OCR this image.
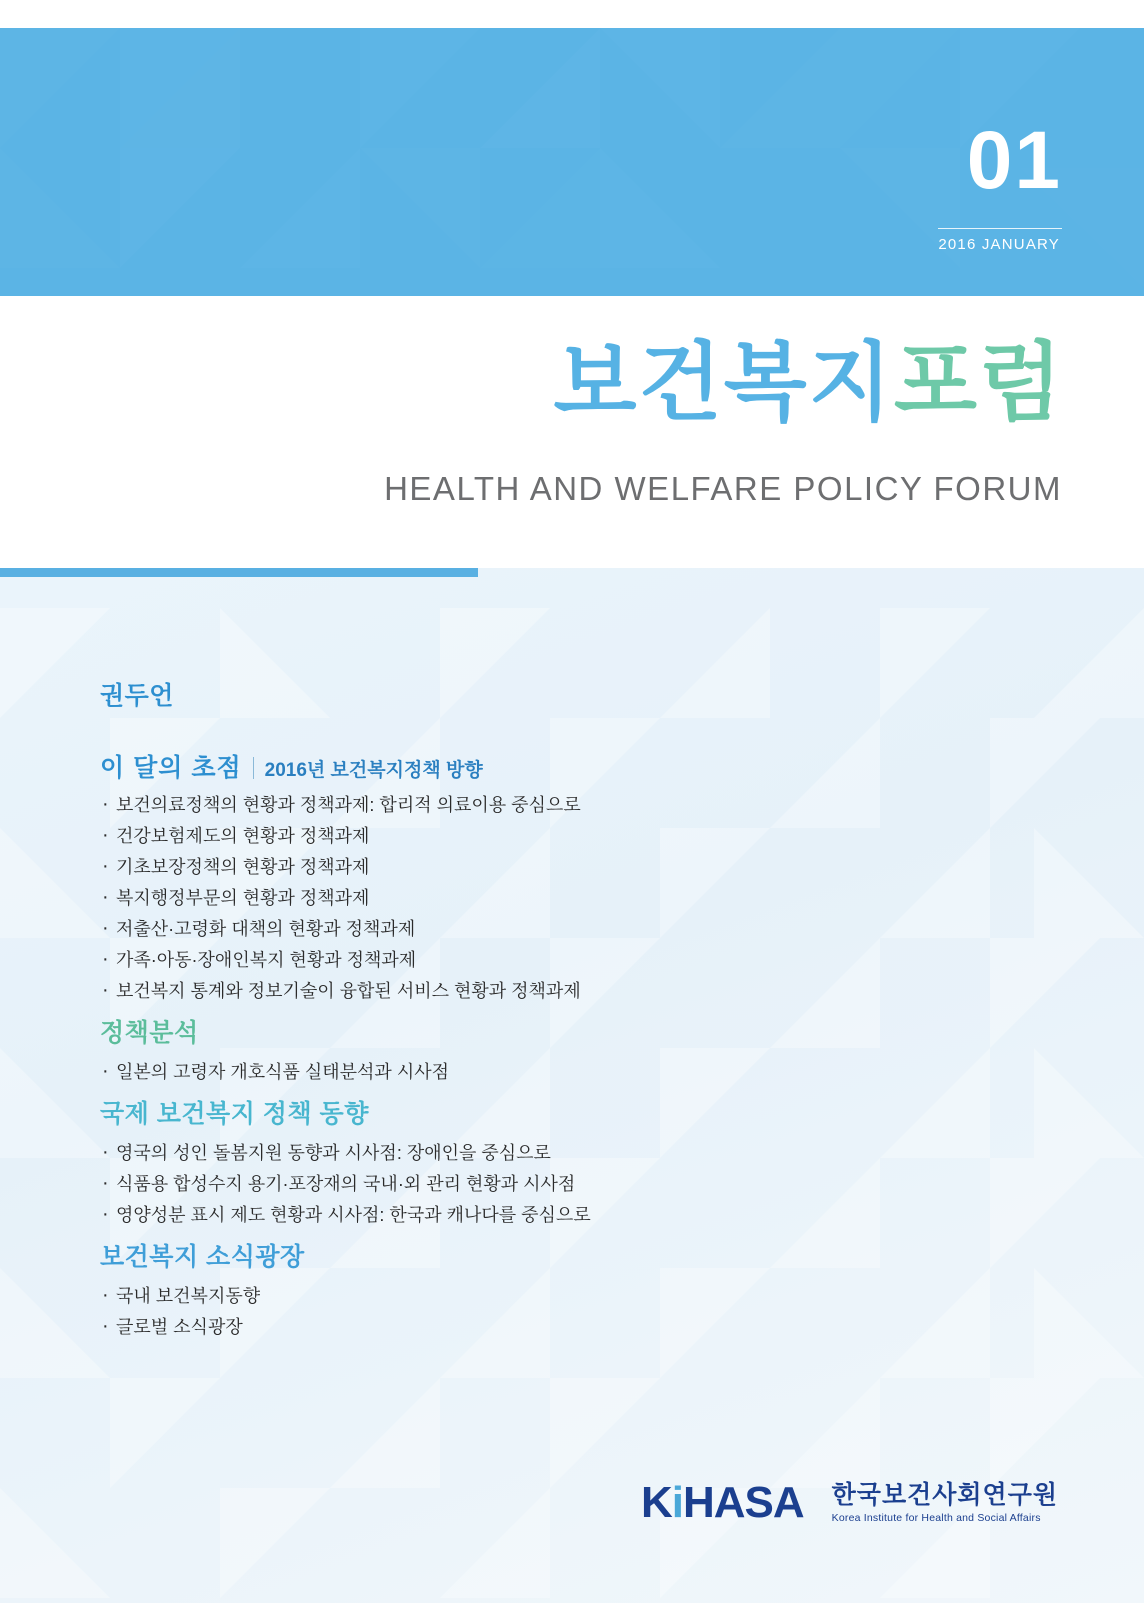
01
2016 JANUARY
보건복지포럼
HEALTH AND WELFARE POLICY FORUM
권두언
이 달의 초점 2016년 보건복지정책 방향
· 보건의료정책의 현황과 정책과제: 합리적 의료이용 중심으로
· 건강보험제도의 현황과 정책과제
· 기초보장정책의 현황과 정책과제
· 복지행정부문의 현황과 정책과제
· 저출산·고령화 대책의 현황과 정책과제
· 가족·아동·장애인복지 현황과 정책과제
· 보건복지 통계와 정보기술이 융합된 서비스 현황과 정책과제
정책분석
· 일본의 고령자 개호식품 실태분석과 시사점
국제 보건복지 정책 동향
· 영국의 성인 돌봄지원 동향과 시사점: 장애인을 중심으로
· 식품용 합성수지 용기·포장재의 국내·외 관리 현황과 시사점
· 영양성분 표시 제도 현황과 시사점: 한국과 캐나다를 중심으로
보건복지 소식광장
· 국내 보건복지동향
· 글로벌 소식광장
KiHASA 한국보건사회연구원
Korea Institute for Health and Social Affairs
